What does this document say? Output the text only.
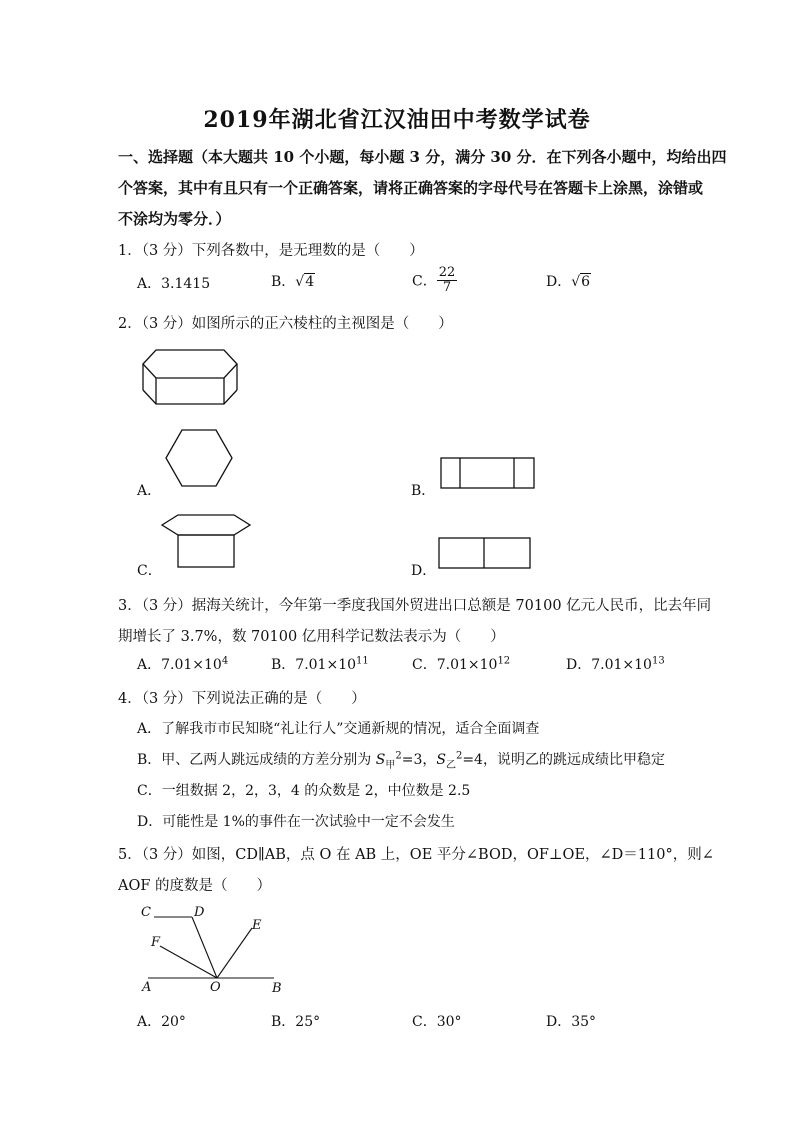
2019年湖北省江汉油田中考数学试卷
一、选择题（本大题共 10 个小题，每小题 3 分，满分 30 分．在下列各小题中，均给出四
个答案，其中有且只有一个正确答案，请将正确答案的字母代号在答题卡上涂黑，涂错或
不涂均为零分．）
1．（3 分）下列各数中，是无理数的是（　　）
A．3.1415	B．√4	C． $\frac{22}{7}$	D．√6
2．（3 分）如图所示的正六棱柱的主视图是（　　）
A．	B．
C．	D．
3．（3 分）据海关统计，今年第一季度我国外贸进出口总额是 70100 亿元人民币，比去年同
期增长了 3.7%，数 70100 亿用科学记数法表示为（　　）
A．$7.01\times 10^4$	B．$7.01\times 10^{11}$	C．$7.01\times 10^{12}$	D．$7.01\times 10^{13}$
4．（3 分）下列说法正确的是（　　）
A．了解我市市民知晓“礼让行人”交通新规的情况，适合全面调查
B．甲、乙两人跳远成绩的方差分别为 $S_甲^2=3$，$S_乙^2=4$，说明乙的跳远成绩比甲稳定
C．一组数据 2，2，3，4 的众数是 2，中位数是 2.5
D．可能性是 1%的事件在一次试验中一定不会发生
5．（3 分）如图，CD∥AB，点 O 在 AB 上，OE 平分∠BOD，OF⊥OE，∠D＝110°，则∠
AOF 的度数是（　　）
C	D
E
F
A	O	B
A．20°	B．25°	C．30°	D．35°
